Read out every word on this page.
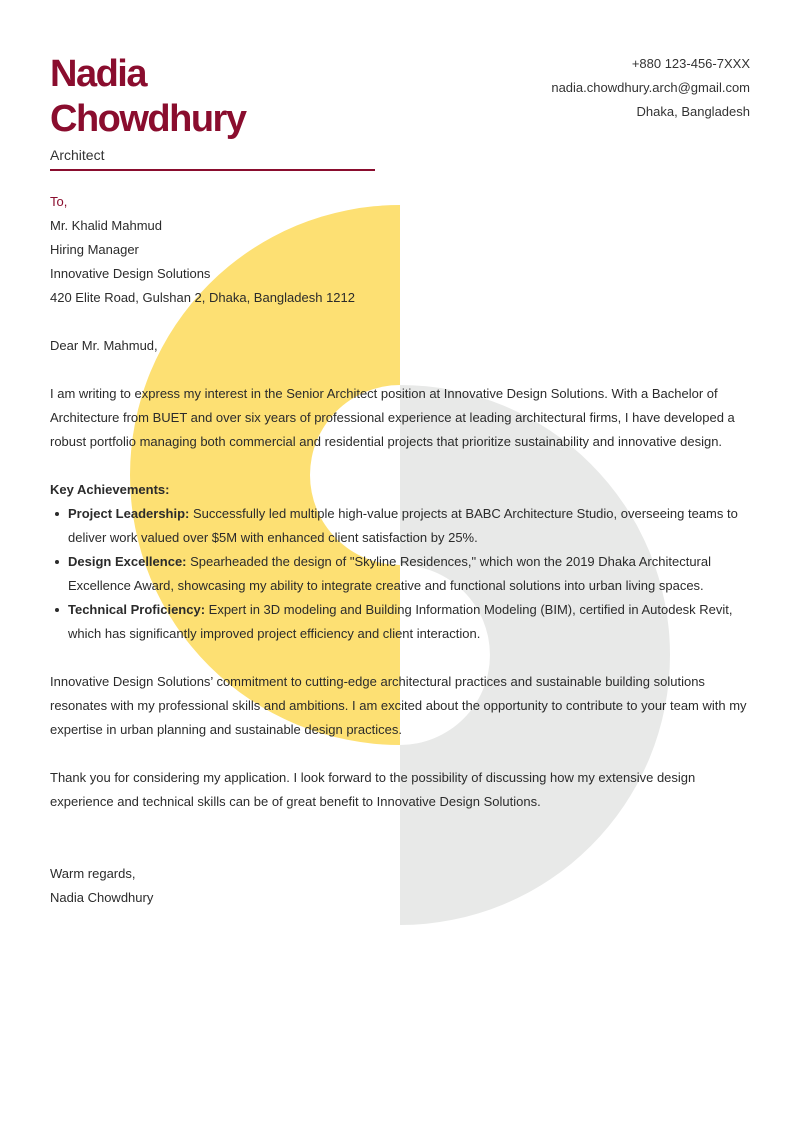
Nadia
Chowdhury
Architect
+880 123-456-7XXX
nadia.chowdhury.arch@gmail.com
Dhaka, Bangladesh

To,

Mr. Khalid Mahmud

Hiring Manager

Innovative Design Solutions

420 Elite Road, Gulshan 2, Dhaka, Bangladesh 1212

Dear Mr. Mahmud,

I am writing to express my interest in the Senior Architect position at Innovative Design Solutions. With a Bachelor of Architecture from BUET and over six years of professional experience at leading architectural firms, I have developed a robust portfolio managing both commercial and residential projects that prioritize sustainability and innovative design.

Key Achievements:

Project Leadership: Successfully led multiple high-value projects at BABC Architecture Studio, overseeing teams to deliver work valued over $5M with enhanced client satisfaction by 25%.
Design Excellence: Spearheaded the design of "Skyline Residences," which won the 2019 Dhaka Architectural Excellence Award, showcasing my ability to integrate creative and functional solutions into urban living spaces.
Technical Proficiency: Expert in 3D modeling and Building Information Modeling (BIM), certified in Autodesk Revit, which has significantly improved project efficiency and client interaction.

Innovative Design Solutions’ commitment to cutting-edge architectural practices and sustainable building solutions resonates with my professional skills and ambitions. I am excited about the opportunity to contribute to your team with my expertise in urban planning and sustainable design practices.

Thank you for considering my application. I look forward to the possibility of discussing how my extensive design experience and technical skills can be of great benefit to Innovative Design Solutions.

Warm regards,

Nadia Chowdhury
